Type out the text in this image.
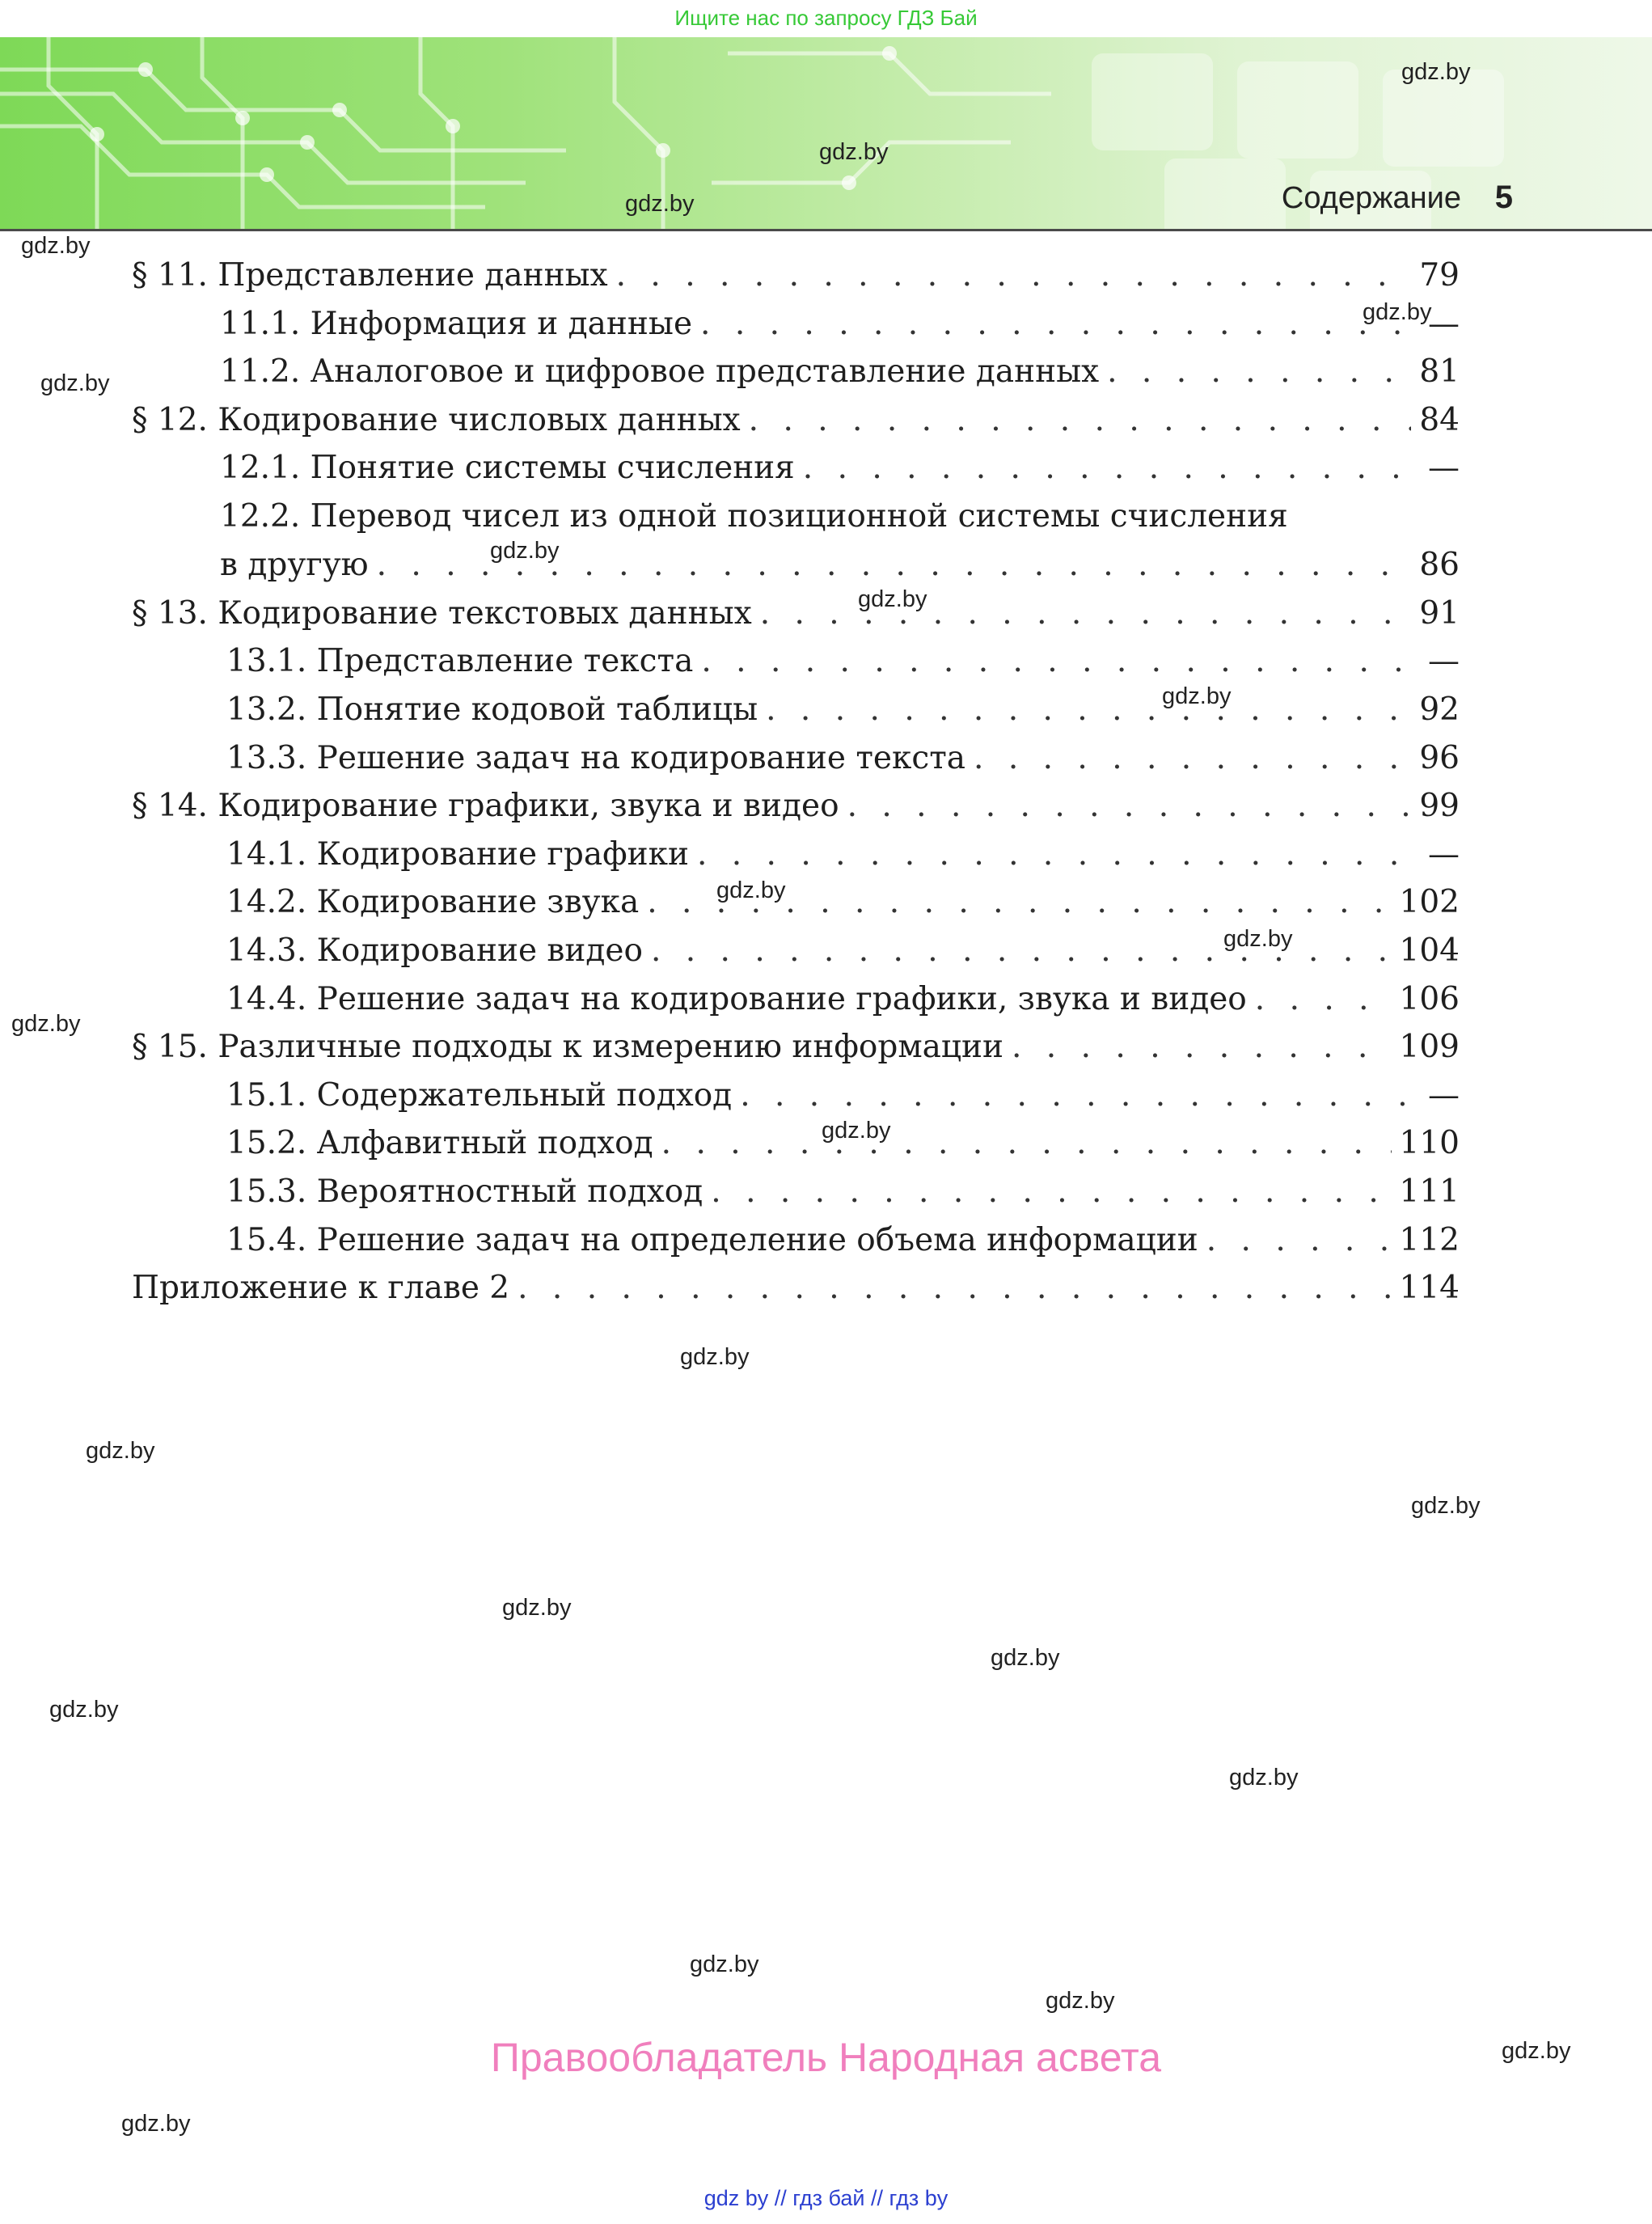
Ищите нас по запросу ГДЗ Бай
Содержание 5
§ 11. Представление данных . . .	79
11.1. Информация и данные . . .	—
11.2. Аналоговое и цифровое представление данных . . .	81
§ 12. Кодирование числовых данных . . .	84
12.1. Понятие системы счисления . . .	—
12.2. Перевод чисел из одной позиционной системы счисления
в другую . . .	86
§ 13. Кодирование текстовых данных . . .	91
13.1. Представление текста . . .	—
13.2. Понятие кодовой таблицы . . .	92
13.3. Решение задач на кодирование текста . . .	96
§ 14. Кодирование графики, звука и видео . . .	99
14.1. Кодирование графики . . .	—
14.2. Кодирование звука . . .	102
14.3. Кодирование видео . . .	104
14.4. Решение задач на кодирование графики, звука и видео . . .	106
§ 15. Различные подходы к измерению информации . . .	109
15.1. Содержательный подход . . .	—
15.2. Алфавитный подход . . .	110
15.3. Вероятностный подход . . .	111
15.4. Решение задач на определение объема информации . . .	112
Приложение к главе 2 . . .	114
gdz.by
gdz.by
gdz.by
gdz.by
gdz.by
gdz.by
gdz.by
gdz.by
gdz.by
gdz.by
gdz.by
gdz.by
gdz.by
gdz.by
gdz.by
gdz.by
gdz.by
gdz.by
gdz.by
gdz.by
gdz.by
gdz.by
gdz.by
gdz.by
Правообладатель Народная асвета
gdz by // гдз бай // гдз by
